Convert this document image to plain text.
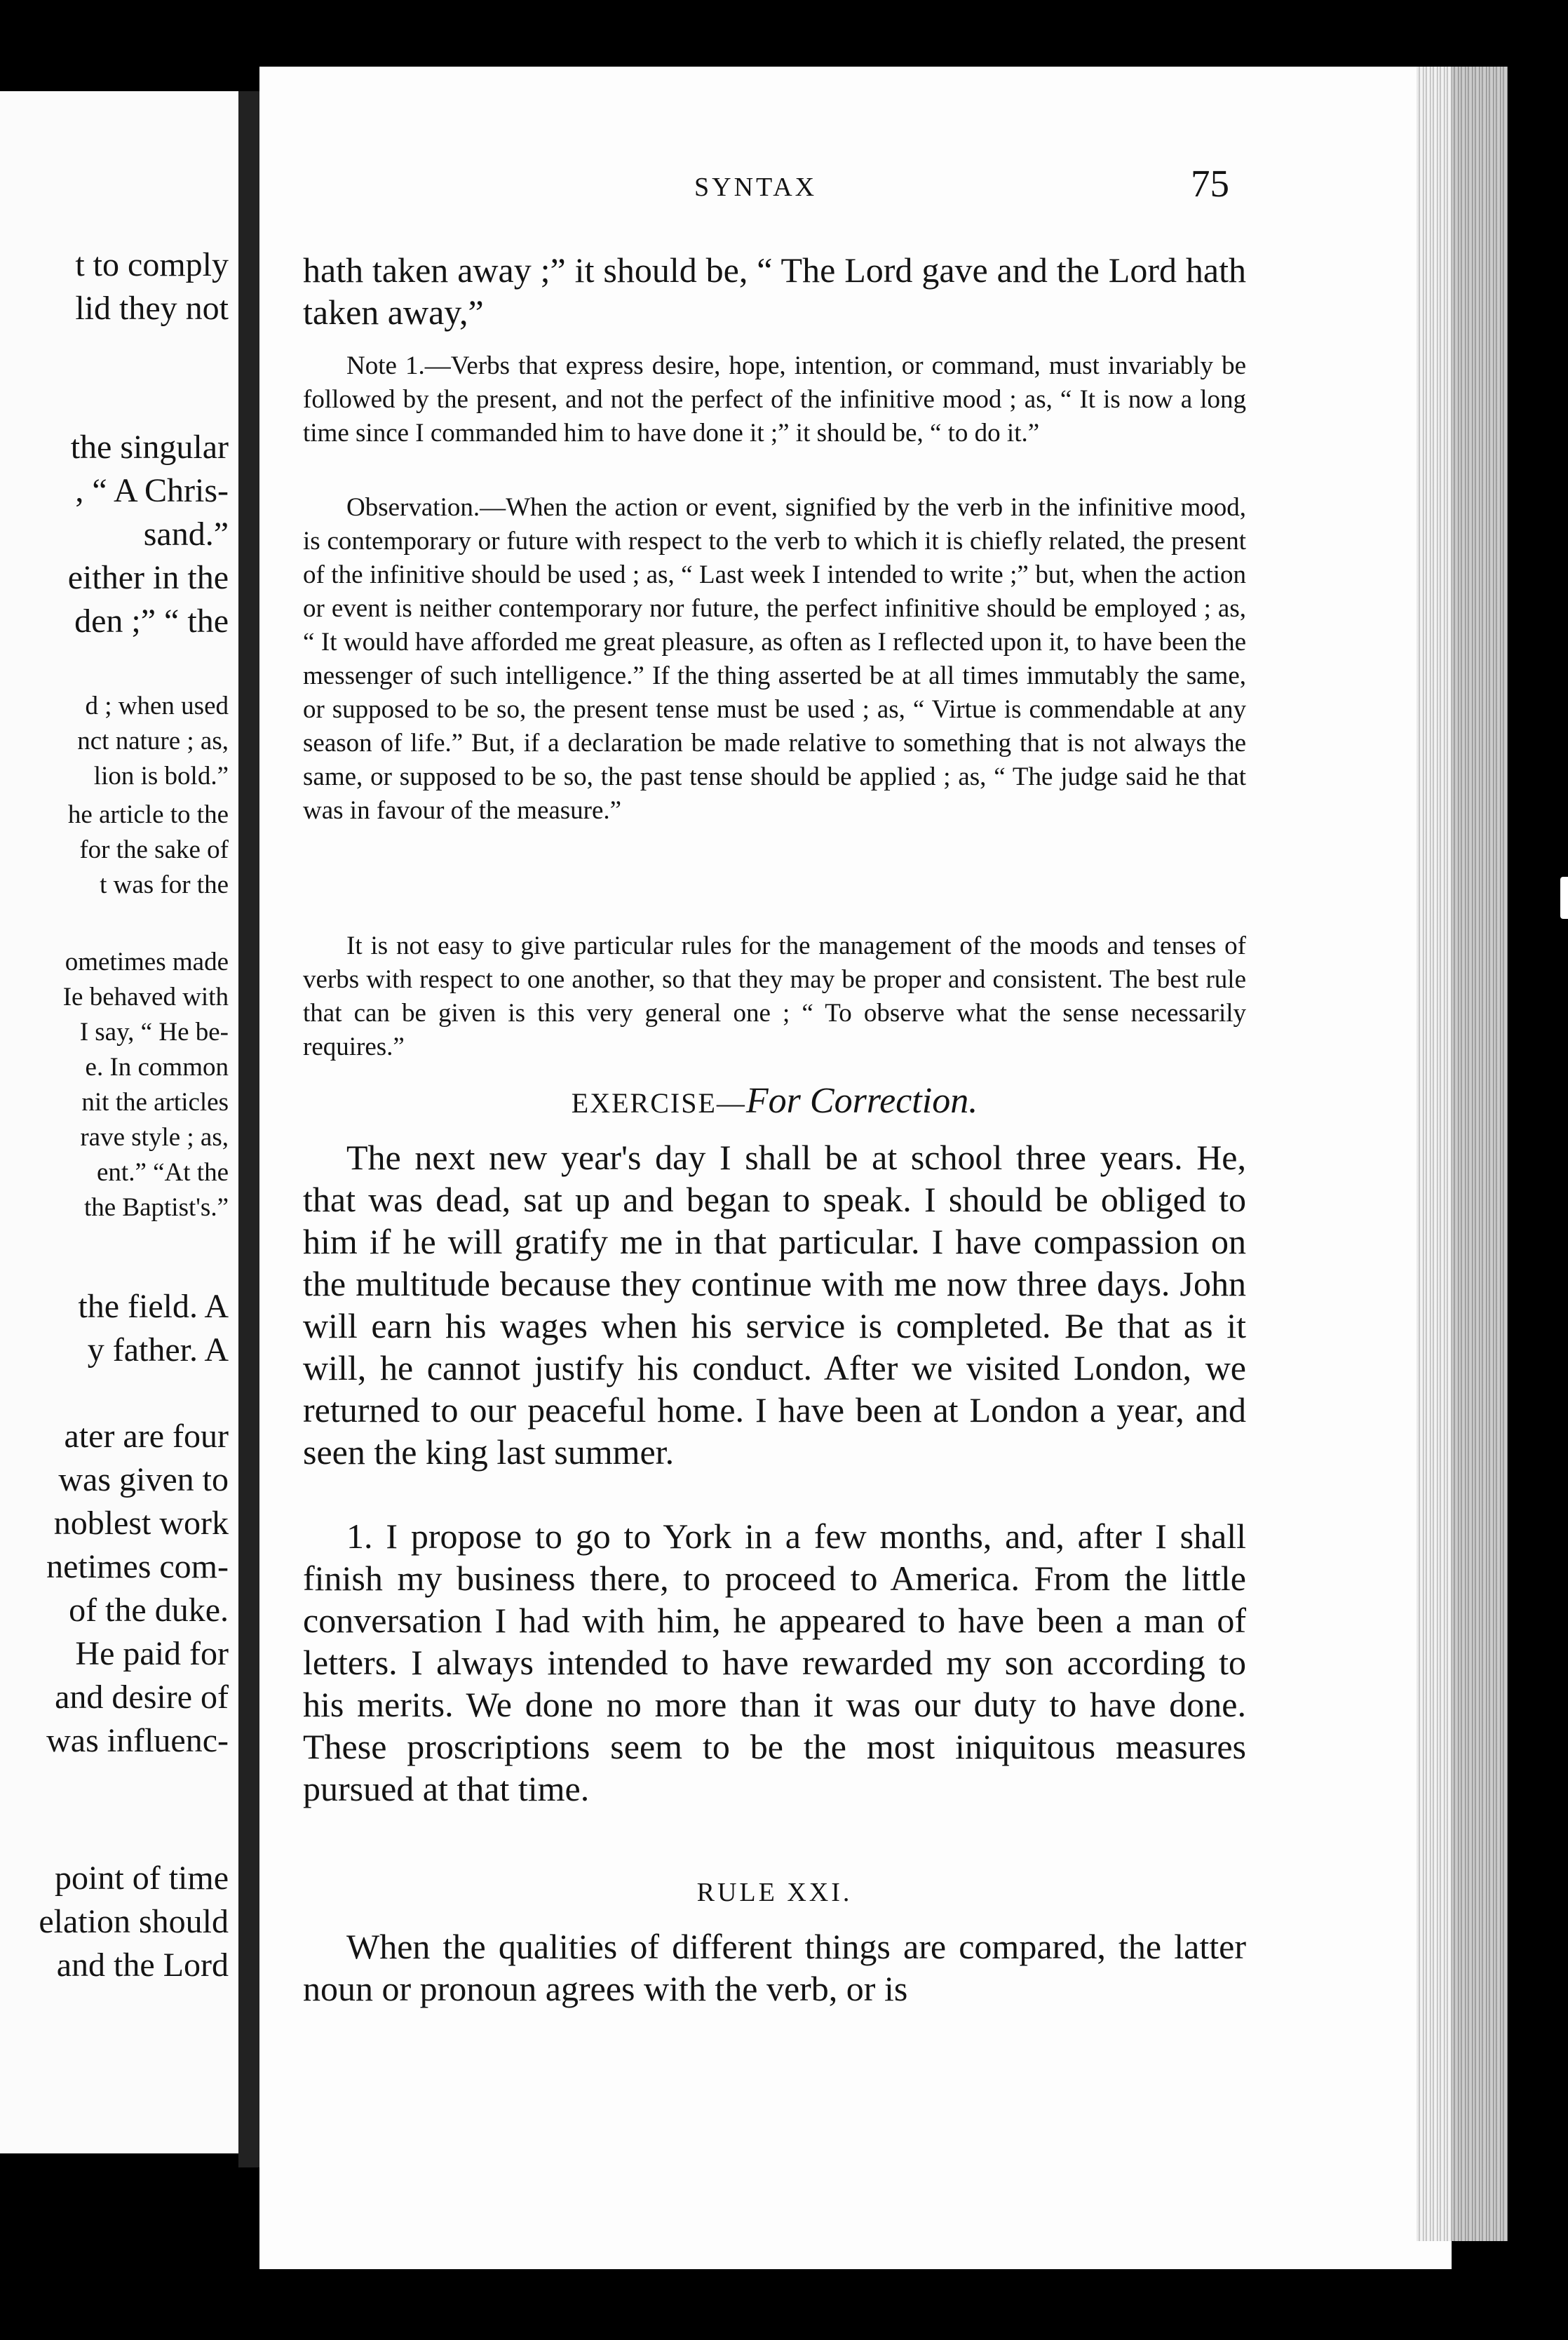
t to comply
lid they not
the singular
, “ A Chris-
sand.”
either in the
den ;” “ the
d ; when used
nct nature ; as,
lion is bold.”
he article to the
for the sake of
t was for the
ometimes made
Ie behaved with
I say, “ He be-
e. In common
nit the articles
rave style ; as,
ent.” “At the
the Baptist's.”
the field. A
y father. A
ater are four
was given to
noblest work
netimes com-
of the duke.
He paid for
and desire of
was influenc-
point of time
elation should
and the Lord
SYNTAX	75
hath taken away ;” it should be, “ The Lord gave and the Lord hath taken away,”
Note 1.—Verbs that express desire, hope, intention, or command, must invariably be followed by the present, and not the perfect of the infinitive mood ; as, “ It is now a long time since I commanded him to have done it ;” it should be, “ to do it.”
Observation.—When the action or event, signified by the verb in the infinitive mood, is contemporary or future with respect to the verb to which it is chiefly related, the present of the infinitive should be used ; as, “ Last week I intended to write ;” but, when the action or event is neither contemporary nor future, the perfect infinitive should be employed ; as, “ It would have afforded me great pleasure, as often as I reflected upon it, to have been the messenger of such intelligence.” If the thing asserted be at all times immutably the same, or supposed to be so, the present tense must be used ; as, “ Virtue is commendable at any season of life.” But, if a declaration be made relative to something that is not always the same, or supposed to be so, the past tense should be applied ; as, “ The judge said he that was in favour of the measure.”
It is not easy to give particular rules for the management of the moods and tenses of verbs with respect to one another, so that they may be proper and consistent. The best rule that can be given is this very general one ; “ To observe what the sense necessarily requires.”
EXERCISE—For Correction.
The next new year's day I shall be at school three years. He, that was dead, sat up and began to speak. I should be obliged to him if he will gratify me in that particular. I have compassion on the multitude because they continue with me now three days. John will earn his wages when his service is completed. Be that as it will, he cannot justify his conduct. After we visited London, we returned to our peaceful home. I have been at London a year, and seen the king last summer.
1. I propose to go to York in a few months, and, after I shall finish my business there, to proceed to America. From the little conversation I had with him, he appeared to have been a man of letters. I always intended to have rewarded my son according to his merits. We done no more than it was our duty to have done. These proscriptions seem to be the most iniquitous measures pursued at that time.
RULE XXI.
When the qualities of different things are compared, the latter noun or pronoun agrees with the verb, or is
